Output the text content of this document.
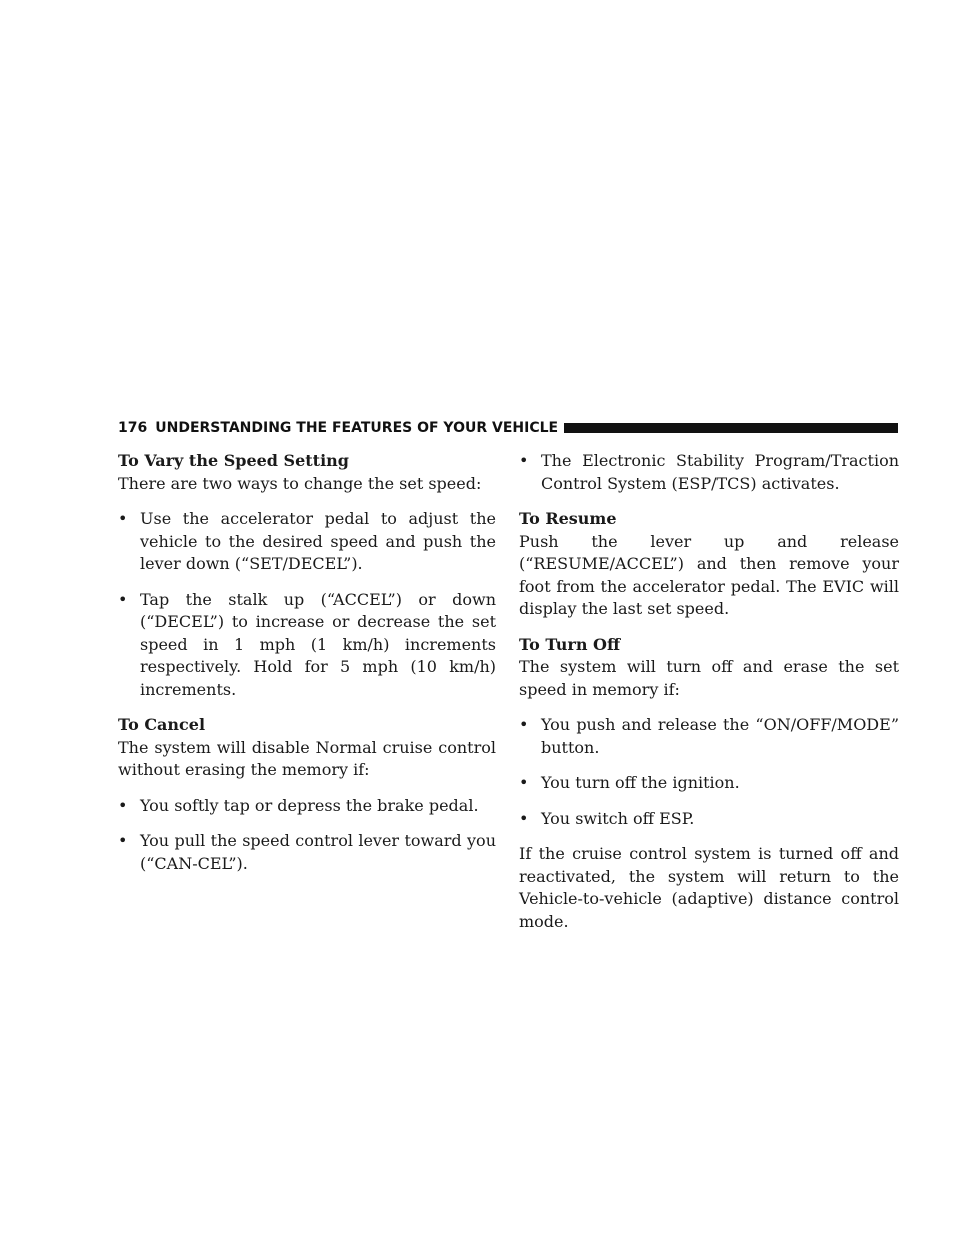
176 UNDERSTANDING THE FEATURES OF YOUR VEHICLE
To Vary the Speed Setting

There are two ways to change the set speed:

• Use the accelerator pedal to adjust the vehicle to the desired speed and push the lever down (“SET/DECEL”).

• Tap the stalk up (“ACCEL”) or down (“DECEL”) to increase or decrease the set speed in 1 mph (1 km/h) increments respectively. Hold for 5 mph (10 km/h) increments.

To Cancel

The system will disable Normal cruise control without erasing the memory if:

• You softly tap or depress the brake pedal.

• You pull the speed control lever toward you (“CAN-CEL”).

• The Electronic Stability Program/Traction Control System (ESP/TCS) activates.

To Resume

Push the lever up and release (“RESUME/ACCEL”) and then remove your foot from the accelerator pedal. The EVIC will display the last set speed.

To Turn Off

The system will turn off and erase the set speed in memory if:

• You push and release the “ON/OFF/MODE” button.

• You turn off the ignition.

• You switch off ESP.

If the cruise control system is turned off and reactivated, the system will return to the Vehicle-to-vehicle (adaptive) distance control mode.
